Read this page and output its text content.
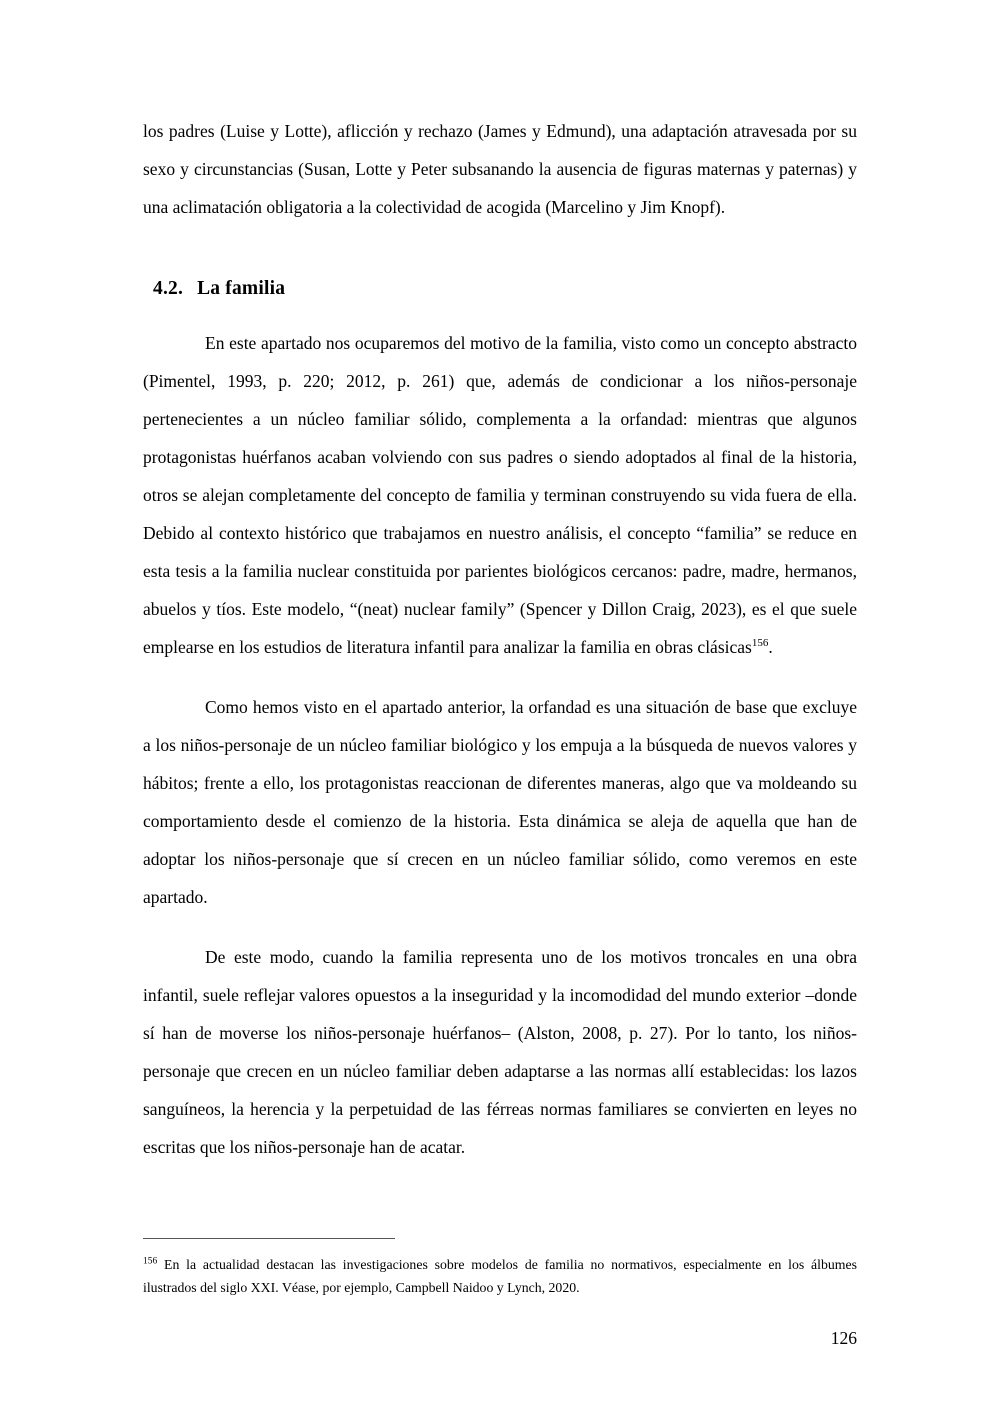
los padres (Luise y Lotte), aflicción y rechazo (James y Edmund), una adaptación atravesada por su sexo y circunstancias (Susan, Lotte y Peter subsanando la ausencia de figuras maternas y paternas) y una aclimatación obligatoria a la colectividad de acogida (Marcelino y Jim Knopf).

4.2. La familia

En este apartado nos ocuparemos del motivo de la familia, visto como un concepto abstracto (Pimentel, 1993, p. 220; 2012, p. 261) que, además de condicionar a los niños-personaje pertenecientes a un núcleo familiar sólido, complementa a la orfandad: mientras que algunos protagonistas huérfanos acaban volviendo con sus padres o siendo adoptados al final de la historia, otros se alejan completamente del concepto de familia y terminan construyendo su vida fuera de ella. Debido al contexto histórico que trabajamos en nuestro análisis, el concepto “familia” se reduce en esta tesis a la familia nuclear constituida por parientes biológicos cercanos: padre, madre, hermanos, abuelos y tíos. Este modelo, “(neat) nuclear family” (Spencer y Dillon Craig, 2023), es el que suele emplearse en los estudios de literatura infantil para analizar la familia en obras clásicas$^{156}$.

Como hemos visto en el apartado anterior, la orfandad es una situación de base que excluye a los niños-personaje de un núcleo familiar biológico y los empuja a la búsqueda de nuevos valores y hábitos; frente a ello, los protagonistas reaccionan de diferentes maneras, algo que va moldeando su comportamiento desde el comienzo de la historia. Esta dinámica se aleja de aquella que han de adoptar los niños-personaje que sí crecen en un núcleo familiar sólido, como veremos en este apartado.

De este modo, cuando la familia representa uno de los motivos troncales en una obra infantil, suele reflejar valores opuestos a la inseguridad y la incomodidad del mundo exterior –donde sí han de moverse los niños-personaje huérfanos– (Alston, 2008, p. 27). Por lo tanto, los niños-personaje que crecen en un núcleo familiar deben adaptarse a las normas allí establecidas: los lazos sanguíneos, la herencia y la perpetuidad de las férreas normas familiares se convierten en leyes no escritas que los niños-personaje han de acatar.

$^{156}$ En la actualidad destacan las investigaciones sobre modelos de familia no normativos, especialmente en los álbumes ilustrados del siglo XXI. Véase, por ejemplo, Campbell Naidoo y Lynch, 2020.

126
